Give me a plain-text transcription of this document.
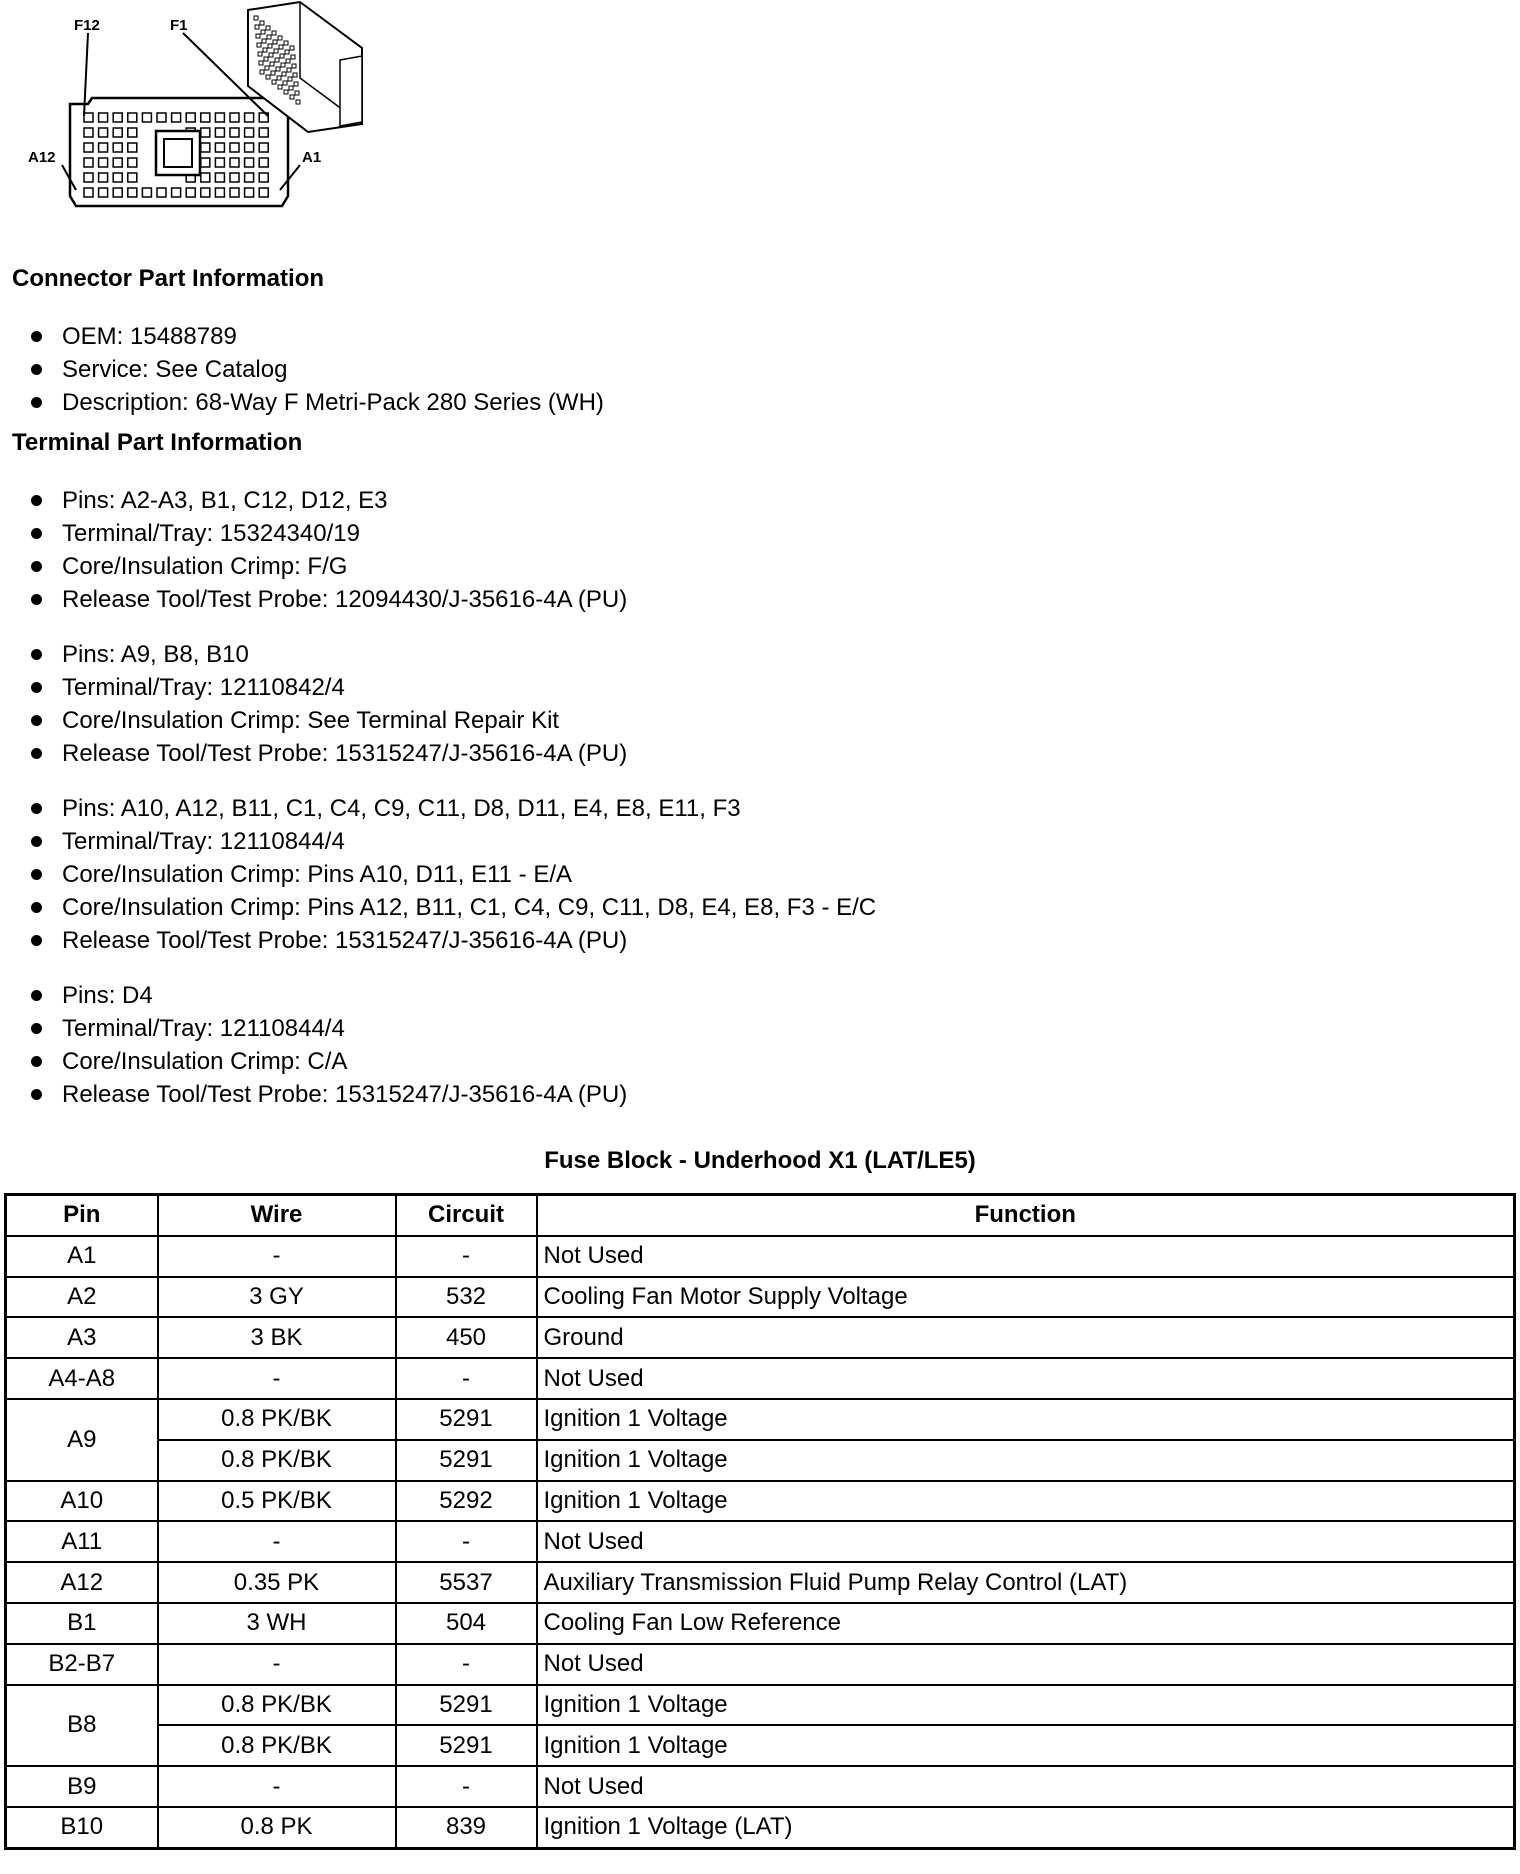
F12	F1
A12	A1
Connector Part Information
OEM: 15488789
Service: See Catalog
Description: 68-Way F Metri-Pack 280 Series (WH)
Terminal Part Information
Pins: A2-A3, B1, C12, D12, E3
Terminal/Tray: 15324340/19
Core/Insulation Crimp: F/G
Release Tool/Test Probe: 12094430/J-35616-4A (PU)
Pins: A9, B8, B10
Terminal/Tray: 12110842/4
Core/Insulation Crimp: See Terminal Repair Kit
Release Tool/Test Probe: 15315247/J-35616-4A (PU)
Pins: A10, A12, B11, C1, C4, C9, C11, D8, D11, E4, E8, E11, F3
Terminal/Tray: 12110844/4
Core/Insulation Crimp: Pins A10, D11, E11 - E/A
Core/Insulation Crimp: Pins A12, B11, C1, C4, C9, C11, D8, E4, E8, F3 - E/C
Release Tool/Test Probe: 15315247/J-35616-4A (PU)
Pins: D4
Terminal/Tray: 12110844/4
Core/Insulation Crimp: C/A
Release Tool/Test Probe: 15315247/J-35616-4A (PU)
Fuse Block - Underhood X1 (LAT/LE5)
Pin	Wire	Circuit	Function
A1	-	-	Not Used
A2	3 GY	532	Cooling Fan Motor Supply Voltage
A3	3 BK	450	Ground
A4-A8	-	-	Not Used
A9	0.8 PK/BK	5291	Ignition 1 Voltage
	0.8 PK/BK	5291	Ignition 1 Voltage
A10	0.5 PK/BK	5292	Ignition 1 Voltage
A11	-	-	Not Used
A12	0.35 PK	5537	Auxiliary Transmission Fluid Pump Relay Control (LAT)
B1	3 WH	504	Cooling Fan Low Reference
B2-B7	-	-	Not Used
B8	0.8 PK/BK	5291	Ignition 1 Voltage
	0.8 PK/BK	5291	Ignition 1 Voltage
B9	-	-	Not Used
B10	0.8 PK	839	Ignition 1 Voltage (LAT)
